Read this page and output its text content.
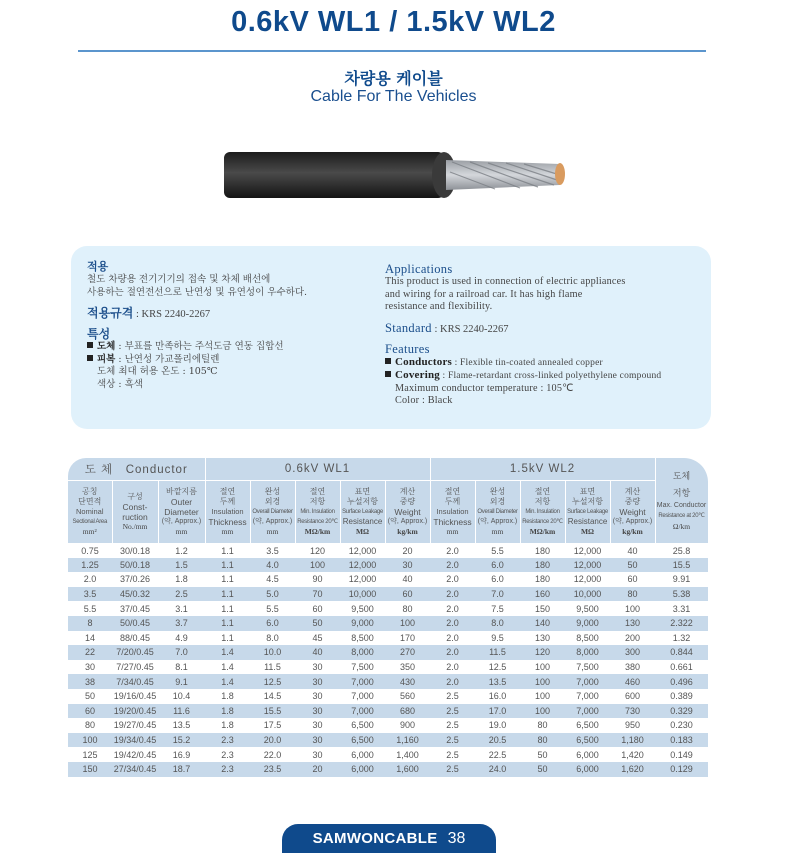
0.6kV WL1 / 1.5kV WL2
차량용 케이블
Cable For The Vehicles
적용
철도 차량용 전기기기의 접속 및 차체 배선에
사용하는 절연전선으로 난연성 및 유연성이 우수하다.
적용규격 : KRS 2240-2267
특성
도체 : 부표를 만족하는 주석도금 연동 집합선
피복 : 난연성 가교폴리에틸렌
도체 최대 허용 온도 : 105℃
색상 : 흑색
Applications
This product is used in connection of electric appliances
and wiring for a railroad car. It has high flame
resistance and flexibility.
Standard : KRS 2240-2267
Features
Conductors : Flexible tin-coated annealed copper
Covering : Flame-retardant cross-linked polyethylene compound
Maximum conductor temperature : 105℃
Color : Black
도 체   Conductor			0.6kV WL1					1.5kV WL2					도체
저항
Max. Conductor
Resistance at 20℃
Ω/km

공칭
단면적
Nominal
Sectional Area
mm²	구성
Const-
ruction
No./mm	바깥지름
Outer
Diameter
(약, Approx.)
mm	절연
두께
Insulation
Thickness
mm	완성
외경
Overall Diameter
(약, Approx.)
mm	절연
저항
Min. Insulation
Resistance 20℃
MΩ/km	표면
누설저항
Surface Leakage
Resistance
MΩ	계산
중량
Weight
(약, Approx.)
kg/km	절연
두께
Insulation
Thickness
mm	완성
외경
Overall Diameter
(약, Approx.)
mm	절연
저항
Min. Insulation
Resistance 20℃
MΩ/km	표면
누설저항
Surface Leakage
Resistance
MΩ	계산
중량
Weight
(약, Approx.)
kg/km	

0.75	30/0.18	1.2	1.1	3.5	120	12,000	20	2.0	5.5	180	12,000	40	25.8
1.25	50/0.18	1.5	1.1	4.0	100	12,000	30	2.0	6.0	180	12,000	50	15.5
2.0	37/0.26	1.8	1.1	4.5	90	12,000	40	2.0	6.0	180	12,000	60	9.91
3.5	45/0.32	2.5	1.1	5.0	70	10,000	60	2.0	7.0	160	10,000	80	5.38
5.5	37/0.45	3.1	1.1	5.5	60	9,500	80	2.0	7.5	150	9,500	100	3.31
8	50/0.45	3.7	1.1	6.0	50	9,000	100	2.0	8.0	140	9,000	130	2.322
14	88/0.45	4.9	1.1	8.0	45	8,500	170	2.0	9.5	130	8,500	200	1.32
22	7/20/0.45	7.0	1.4	10.0	40	8,000	270	2.0	11.5	120	8,000	300	0.844
30	7/27/0.45	8.1	1.4	11.5	30	7,500	350	2.0	12.5	100	7,500	380	0.661
38	7/34/0.45	9.1	1.4	12.5	30	7,000	430	2.0	13.5	100	7,000	460	0.496
50	19/16/0.45	10.4	1.8	14.5	30	7,000	560	2.5	16.0	100	7,000	600	0.389
60	19/20/0.45	11.6	1.8	15.5	30	7,000	680	2.5	17.0	100	7,000	730	0.329
80	19/27/0.45	13.5	1.8	17.5	30	6,500	900	2.5	19.0	80	6,500	950	0.230
100	19/34/0.45	15.2	2.3	20.0	30	6,500	1,160	2.5	20.5	80	6,500	1,180	0.183
125	19/42/0.45	16.9	2.3	22.0	30	6,000	1,400	2.5	22.5	50	6,000	1,420	0.149
150	27/34/0.45	18.7	2.3	23.5	20	6,000	1,600	2.5	24.0	50	6,000	1,620	0.129
SAMWONCABLE 38
